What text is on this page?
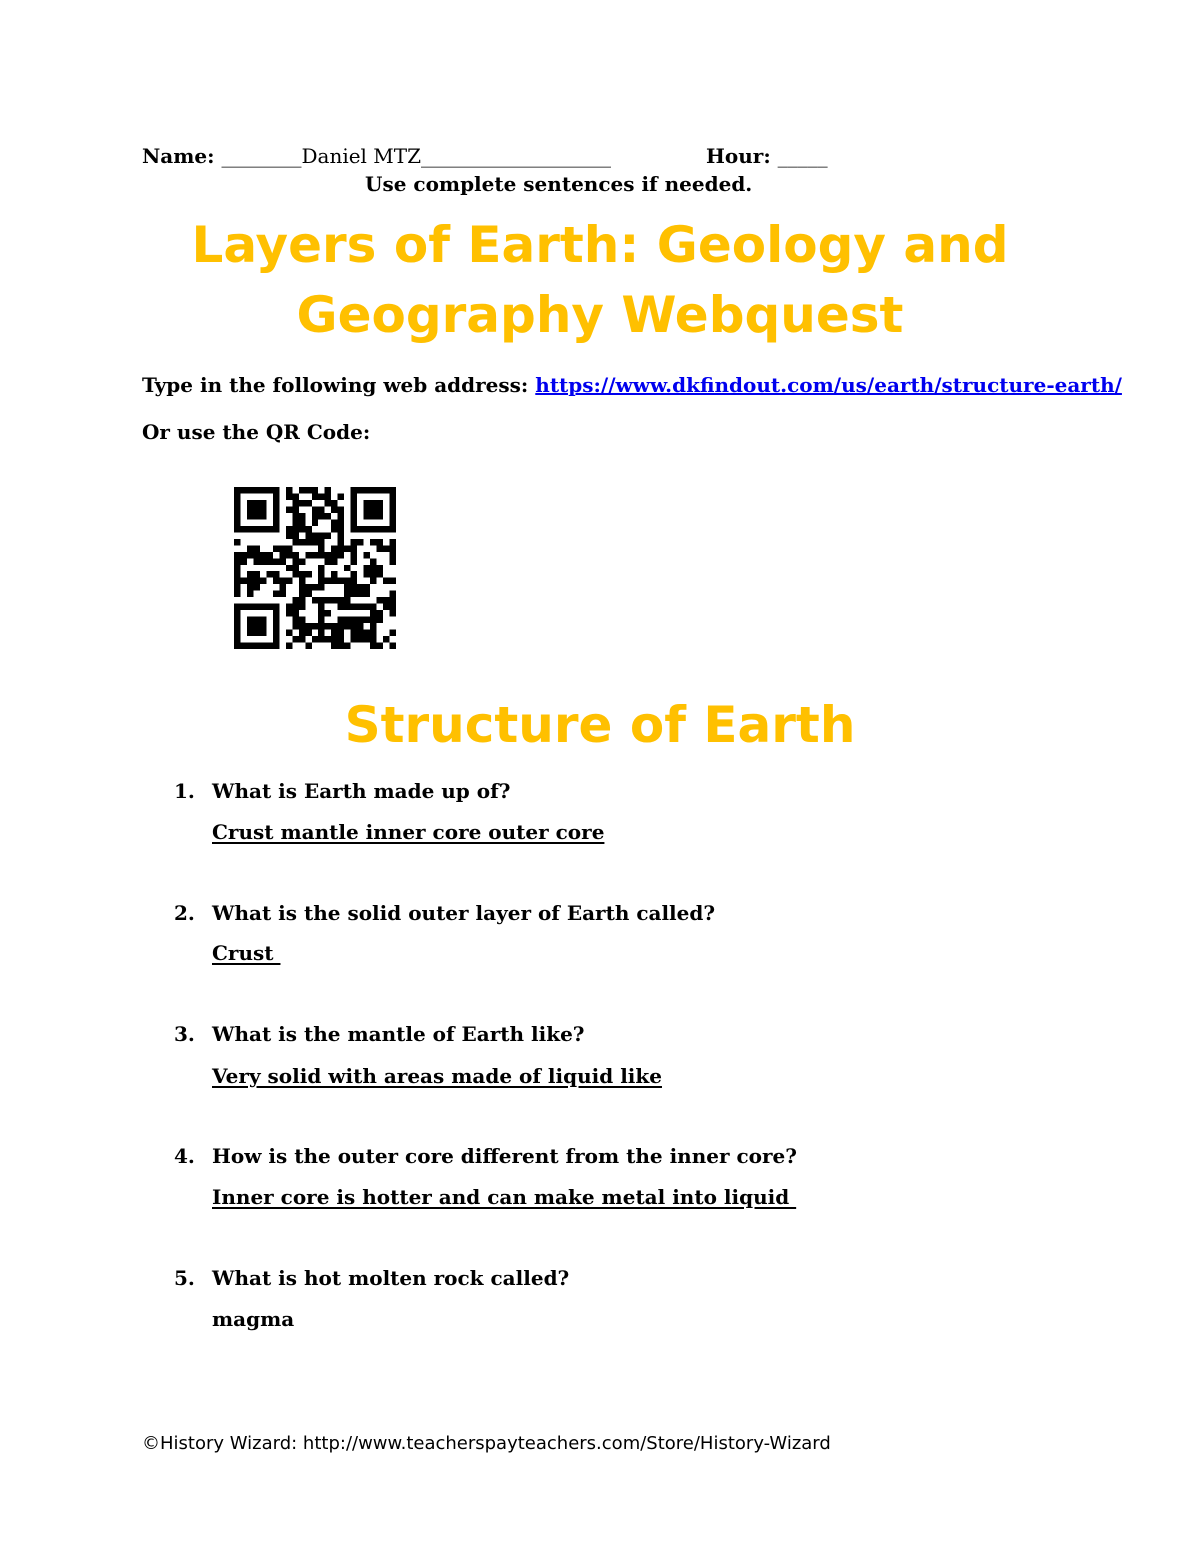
Name: ________Daniel MTZ___________________	Hour: _____
Use complete sentences if needed.
Layers of Earth: Geology and
Geography Webquest
Type in the following web address: https://www.dkfindout.com/us/earth/structure-earth/
Or use the QR Code:
Structure of Earth
1. What is Earth made up of?
Crust mantle inner core outer core
2. What is the solid outer layer of Earth called?
Crust
3. What is the mantle of Earth like?
Very solid with areas made of liquid like
4. How is the outer core different from the inner core?
Inner core is hotter and can make metal into liquid
5. What is hot molten rock called?
magma
©History Wizard: http://www.teacherspayteachers.com/Store/History-Wizard
